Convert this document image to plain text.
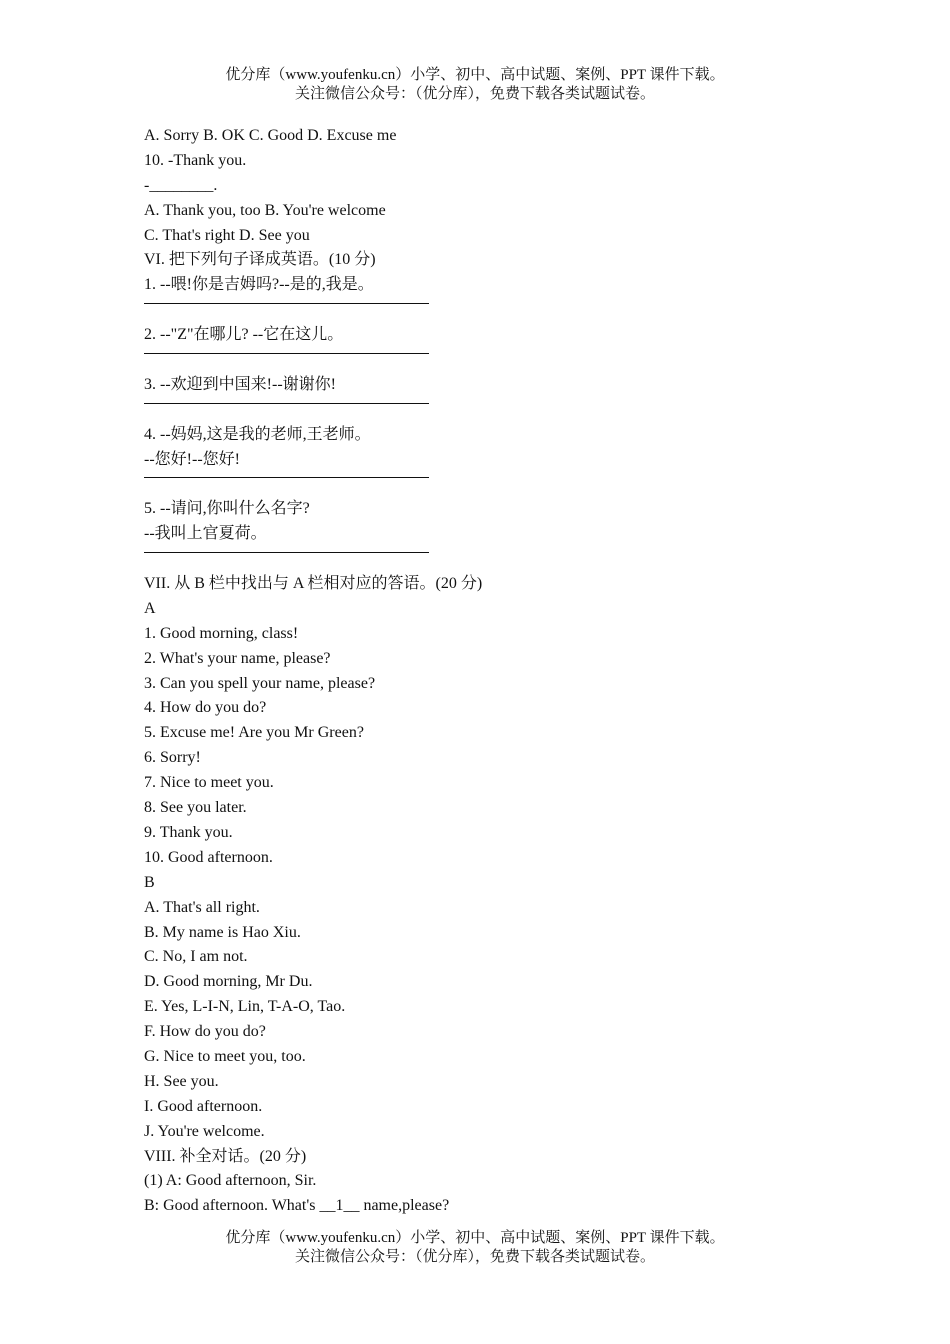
优分库（www.youfenku.cn）小学、初中、高中试题、案例、PPT 课件下载。
关注微信公众号：（优分库），免费下载各类试题试卷。
A. Sorry B. OK C. Good D. Excuse me
10. -Thank you.
-________.
A. Thank you, too B. You're welcome
C. That's right D. See you
VI. 把下列句子译成英语。(10 分)
1. --喂!你是吉姆吗?--是的,我是。
2. --"Z"在哪儿? --它在这儿。
3. --欢迎到中国来!--谢谢你!
4. --妈妈,这是我的老师,王老师。
--您好!--您好!
5. --请问,你叫什么名字?
--我叫上官夏荷。
VII. 从 B 栏中找出与 A 栏相对应的答语。(20 分)
A
1. Good morning, class!
2. What's your name, please?
3. Can you spell your name, please?
4. How do you do?
5. Excuse me! Are you Mr Green?
6. Sorry!
7. Nice to meet you.
8. See you later.
9. Thank you.
10. Good afternoon.
B
A. That's all right.
B. My name is Hao Xiu.
C. No, I am not.
D. Good morning, Mr Du.
E. Yes, L-I-N, Lin, T-A-O, Tao.
F. How do you do?
G. Nice to meet you, too.
H. See you.
I. Good afternoon.
J. You're welcome.
VIII. 补全对话。(20 分)
(1) A: Good afternoon, Sir.
B: Good afternoon. What's __1__ name,please?
优分库（www.youfenku.cn）小学、初中、高中试题、案例、PPT 课件下载。
关注微信公众号：（优分库），免费下载各类试题试卷。
